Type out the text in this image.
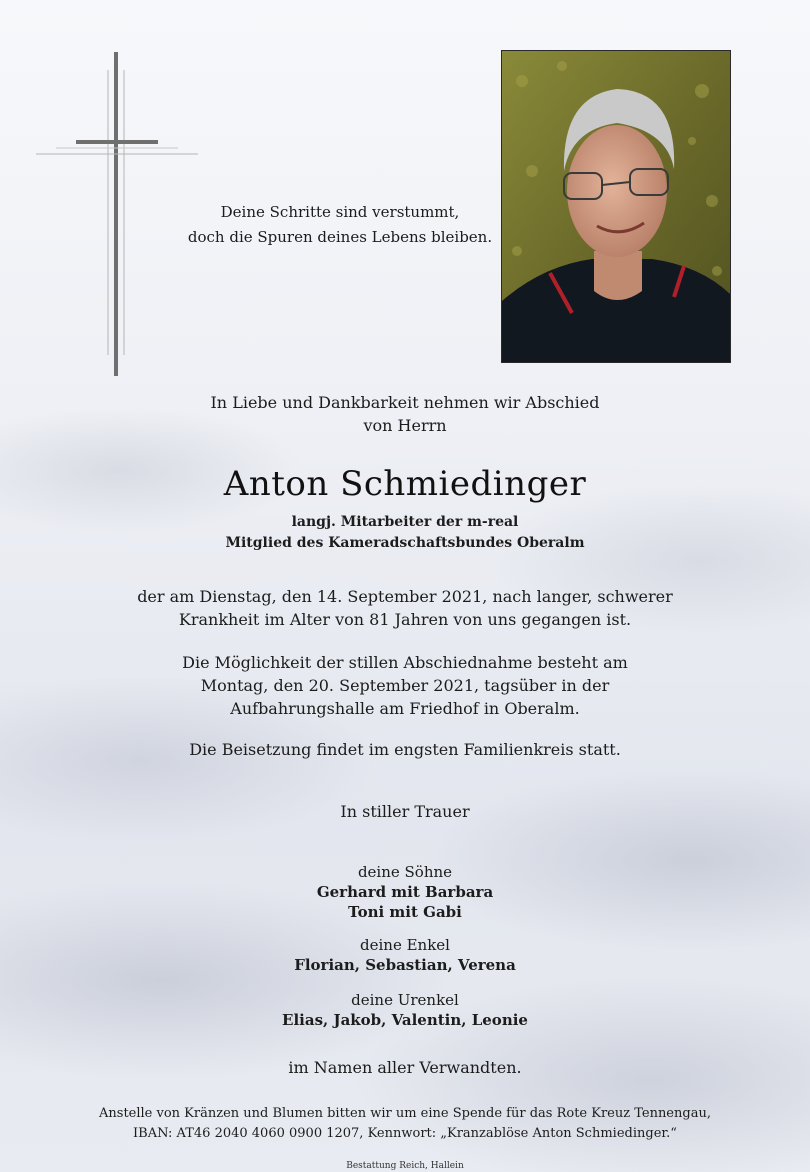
Deine Schritte sind verstummt,
doch die Spuren deines Lebens bleiben.
In Liebe und Dankbarkeit nehmen wir Abschied
von Herrn
Anton Schmiedinger
langj. Mitarbeiter der m-real
Mitglied des Kameradschaftsbundes Oberalm
der am Dienstag, den 14. September 2021, nach langer, schwerer
Krankheit im Alter von 81 Jahren von uns gegangen ist.
Die Möglichkeit der stillen Abschiednahme besteht am
Montag, den 20. September 2021, tagsüber in der
Aufbahrungshalle am Friedhof in Oberalm.
Die Beisetzung findet im engsten Familienkreis statt.
In stiller Trauer
deine Söhne
Gerhard mit Barbara
Toni mit Gabi
deine Enkel
Florian, Sebastian, Verena
deine Urenkel
Elias, Jakob, Valentin, Leonie
im Namen aller Verwandten.
Anstelle von Kränzen und Blumen bitten wir um eine Spende für das Rote Kreuz Tennengau,
IBAN: AT46 2040 4060 0900 1207, Kennwort: „Kranzablöse Anton Schmiedinger.“
Bestattung Reich, Hallein
